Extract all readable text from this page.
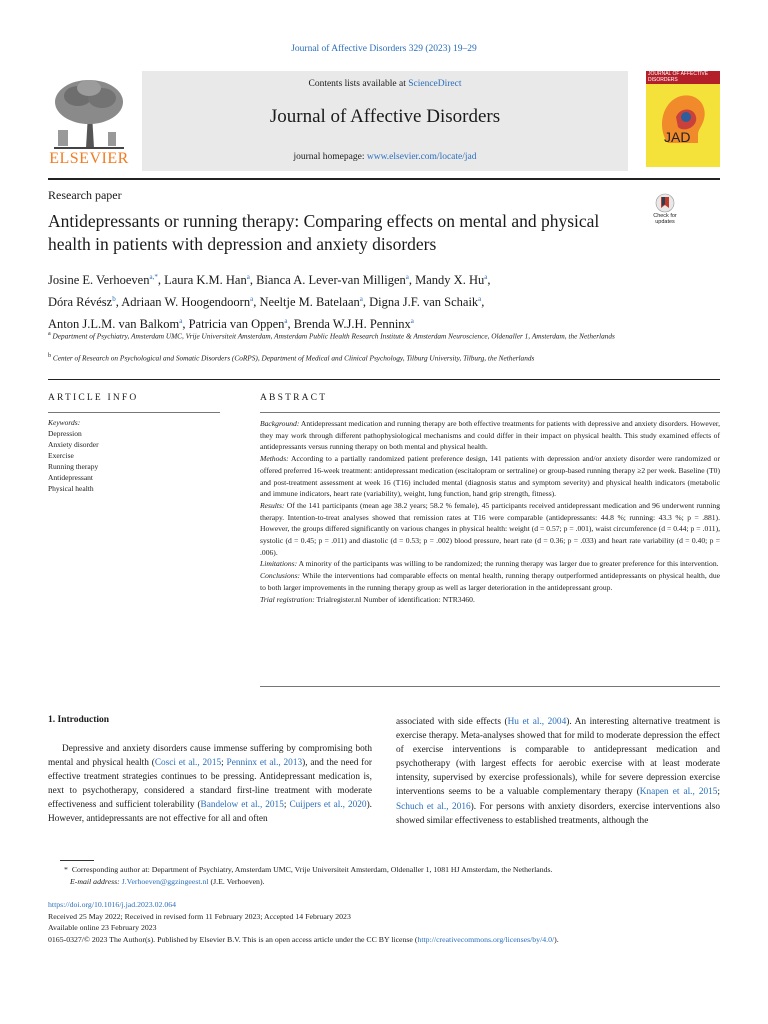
Journal of Affective Disorders 329 (2023) 19–29
ELSEVIER
Contents lists available at ScienceDirect
Journal of Affective Disorders
journal homepage: www.elsevier.com/locate/jad
JOURNAL OF AFFECTIVE DISORDERS
JAD
Research paper
Antidepressants or running therapy: Comparing effects on mental and physical health in patients with depression and anxiety disorders
Check for updates
Josine E. Verhoeven$^{a,*}$, Laura K.M. Han$^a$, Bianca A. Lever-van Milligen$^a$, Mandy X. Hu$^a$,
Dóra Révész$^b$, Adriaan W. Hoogendoorn$^a$, Neeltje M. Batelaan$^a$, Digna J.F. van Schaik$^a$,
Anton J.L.M. van Balkom$^a$, Patricia van Oppen$^a$, Brenda W.J.H. Penninx$^a$
$^a$ Department of Psychiatry, Amsterdam UMC, Vrije Universiteit Amsterdam, Amsterdam Public Health Research Institute & Amsterdam Neuroscience, Oldenaller 1, Amsterdam, the Netherlands
$^b$ Center of Research on Psychological and Somatic Disorders (CoRPS), Department of Medical and Clinical Psychology, Tilburg University, Tilburg, the Netherlands
ARTICLE INFO	ABSTRACT
Keywords:
Depression
Anxiety disorder
Exercise
Running therapy
Antidepressant
Physical health

Background: Antidepressant medication and running therapy are both effective treatments for patients with depressive and anxiety disorders. However, they may work through different pathophysiological mechanisms and could differ in their impact on physical health. This study examined effects of antidepressants versus running therapy on both mental and physical health.

Methods: According to a partially randomized patient preference design, 141 patients with depression and/or anxiety disorder were randomized or offered preferred 16-week treatment: antidepressant medication (escitalopram or sertraline) or group-based running therapy ≥2 per week. Baseline (T0) and post-treatment assessment at week 16 (T16) included mental (diagnosis status and symptom severity) and physical health indicators (metabolic and immune indicators, heart rate (variability), weight, lung function, hand grip strength, fitness).

Results: Of the 141 participants (mean age 38.2 years; 58.2 % female), 45 participants received antidepressant medication and 96 underwent running therapy. Intention-to-treat analyses showed that remission rates at T16 were comparable (antidepressants: 44.8 %; running: 43.3 %; p = .881). However, the groups differed significantly on various changes in physical health: weight (d = 0.57; p = .001), waist circumference (d = 0.44; p = .011), systolic (d = 0.45; p = .011) and diastolic (d = 0.53; p = .002) blood pressure, heart rate (d = 0.36; p = .033) and heart rate variability (d = 0.40; p = .006).

Limitations: A minority of the participants was willing to be randomized; the running therapy was larger due to greater preference for this intervention.

Conclusions: While the interventions had comparable effects on mental health, running therapy outperformed antidepressants on physical health, due to both larger improvements in the running therapy group as well as larger deterioration in the antidepressant group.

Trial registration: Trialregister.nl Number of identification: NTR3460.

1. Introduction

Depressive and anxiety disorders cause immense suffering by compromising both mental and physical health (Cosci et al., 2015; Penninx et al., 2013), and the need for effective treatment strategies continues to be pressing. Antidepressant medication is, next to psychotherapy, considered a standard first-line treatment with moderate effectiveness and sufficient tolerability (Bandelow et al., 2015; Cuijpers et al., 2020). However, antidepressants are not effective for all and often

associated with side effects (Hu et al., 2004). An interesting alternative treatment is exercise therapy. Meta-analyses showed that for mild to moderate depression the effect of exercise interventions is comparable to antidepressant medication and psychotherapy (with largest effects for aerobic exercise with at least moderate intensity, supervised by exercise professionals), while for severe depression exercise interventions seems to be a valuable complementary therapy (Knapen et al., 2015; Schuch et al., 2016). For persons with anxiety disorders, exercise interventions also showed similar effectiveness to established treatments, although the

* Corresponding author at: Department of Psychiatry, Amsterdam UMC, Vrije Universiteit Amsterdam, Oldenaller 1, 1081 HJ Amsterdam, the Netherlands.
E-mail address: J.Verhoeven@ggzingeest.nl (J.E. Verhoeven).
https://doi.org/10.1016/j.jad.2023.02.064
Received 25 May 2022; Received in revised form 11 February 2023; Accepted 14 February 2023
Available online 23 February 2023
0165-0327/© 2023 The Author(s). Published by Elsevier B.V. This is an open access article under the CC BY license (http://creativecommons.org/licenses/by/4.0/).
